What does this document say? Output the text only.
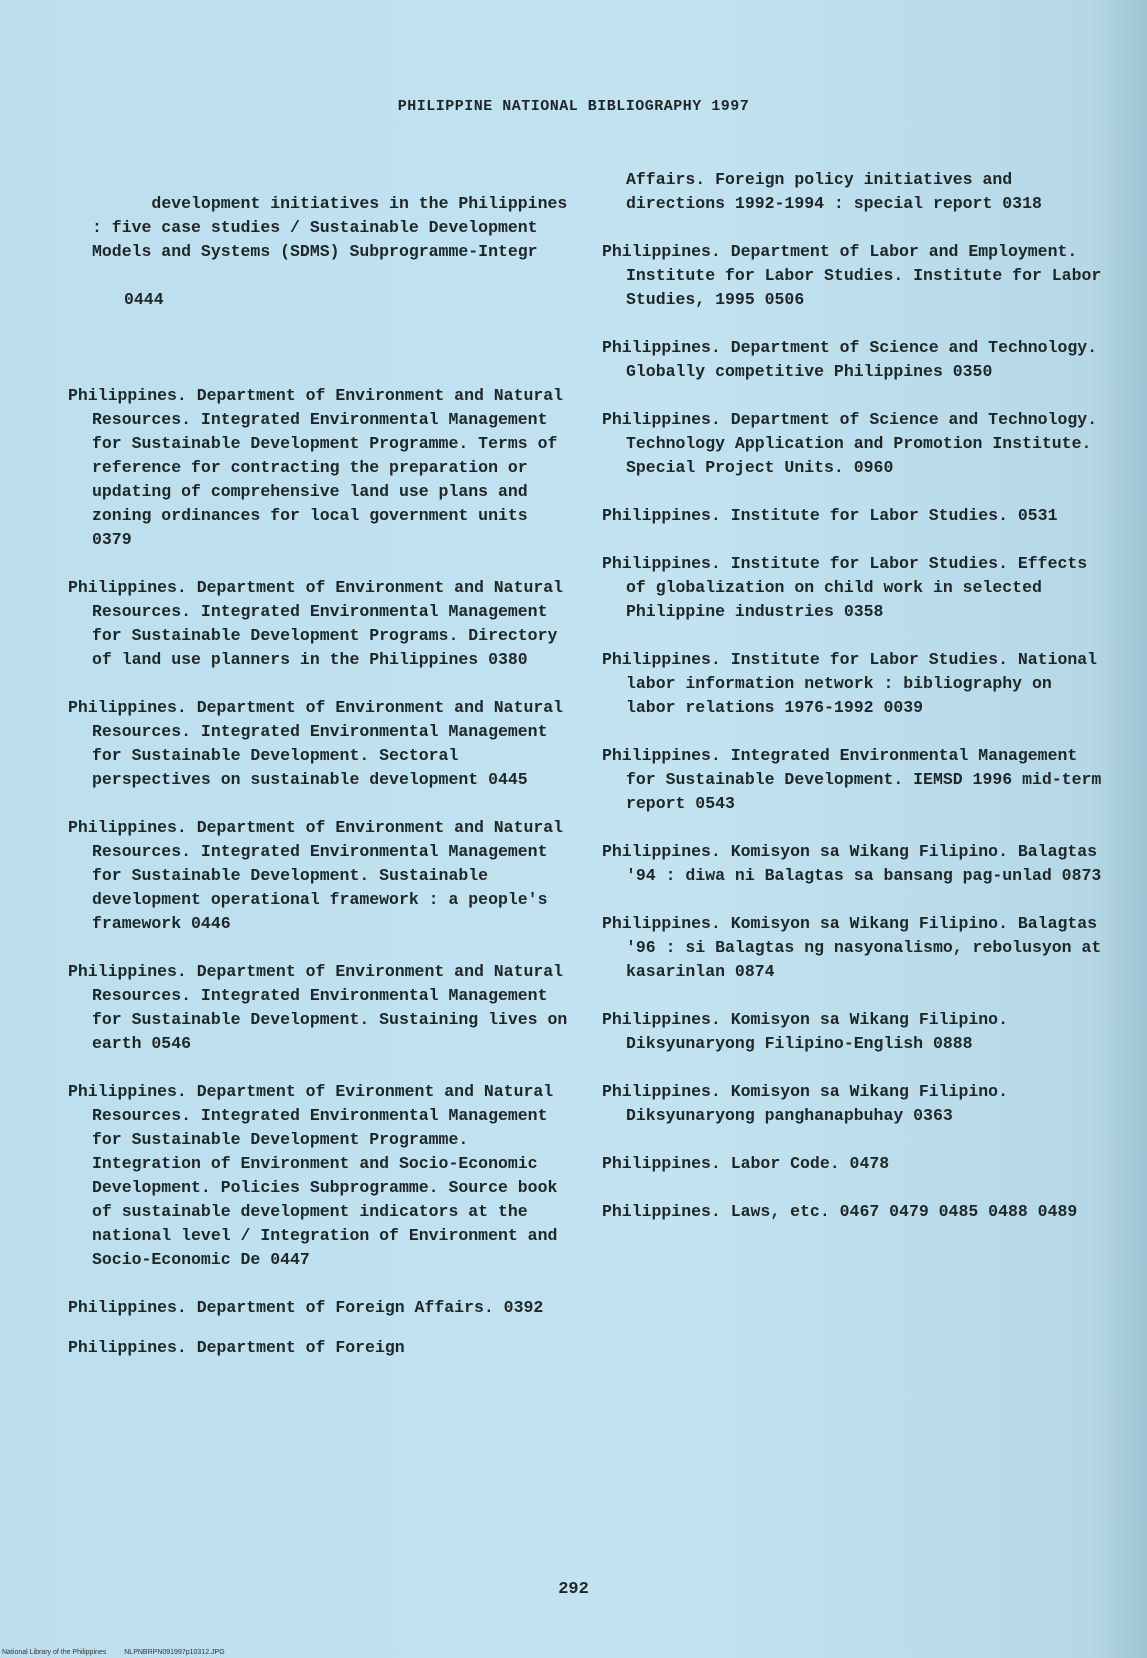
PHILIPPINE NATIONAL BIBLIOGRAPHY 1997

development initiatives in the Philippines : five case studies / Sustainable Development Models and Systems (SDMS) Subprogramme-Integr

0444

Philippines. Department of Environment and Natural Resources. Integrated Environmental Management for Sustainable Development Programme. Terms of reference for contracting the preparation or updating of comprehensive land use plans and zoning ordinances for local government units 0379
Philippines. Department of Environment and Natural Resources. Integrated Environmental Management for Sustainable Development Programs. Directory of land use planners in the Philippines 0380
Philippines. Department of Environment and Natural Resources. Integrated Environmental Management for Sustainable Development. Sectoral perspectives on sustainable development 0445
Philippines. Department of Environment and Natural Resources. Integrated Environmental Management for Sustainable Development. Sustainable development operational framework : a people's framework 0446
Philippines. Department of Environment and Natural Resources. Integrated Environmental Management for Sustainable Development. Sustaining lives on earth 0546
Philippines. Department of Evironment and Natural Resources. Integrated Environmental Management for Sustainable Development Programme. Integration of Environment and Socio-Economic Development. Policies Subprogramme. Source book of sustainable development indicators at the national level / Integration of Environment and Socio-Economic De 0447
Philippines. Department of Foreign Affairs. 0392
Philippines. Department of Foreign
Affairs. Foreign policy initiatives and directions 1992-1994 : special report 0318
Philippines. Department of Labor and Employment. Institute for Labor Studies. Institute for Labor Studies, 1995 0506
Philippines. Department of Science and Technology. Globally competitive Philippines 0350
Philippines. Department of Science and Technology. Technology Application and Promotion Institute. Special Project Units. 0960
Philippines. Institute for Labor Studies. 0531
Philippines. Institute for Labor Studies. Effects of globalization on child work in selected Philippine industries 0358
Philippines. Institute for Labor Studies. National labor information network : bibliography on labor relations 1976-1992 0039
Philippines. Integrated Environmental Management for Sustainable Development. IEMSD 1996 mid-term report 0543
Philippines. Komisyon sa Wikang Filipino. Balagtas '94 : diwa ni Balagtas sa bansang pag-unlad 0873
Philippines. Komisyon sa Wikang Filipino. Balagtas '96 : si Balagtas ng nasyonalismo, rebolusyon at kasarinlan 0874
Philippines. Komisyon sa Wikang Filipino. Diksyunaryong Filipino-English 0888
Philippines. Komisyon sa Wikang Filipino. Diksyunaryong panghanapbuhay 0363
Philippines. Labor Code. 0478
Philippines. Laws, etc. 0467 0479 0485 0488 0489
292
National Library of the Philippines	NLPNBRPN091997p10312.JPG
